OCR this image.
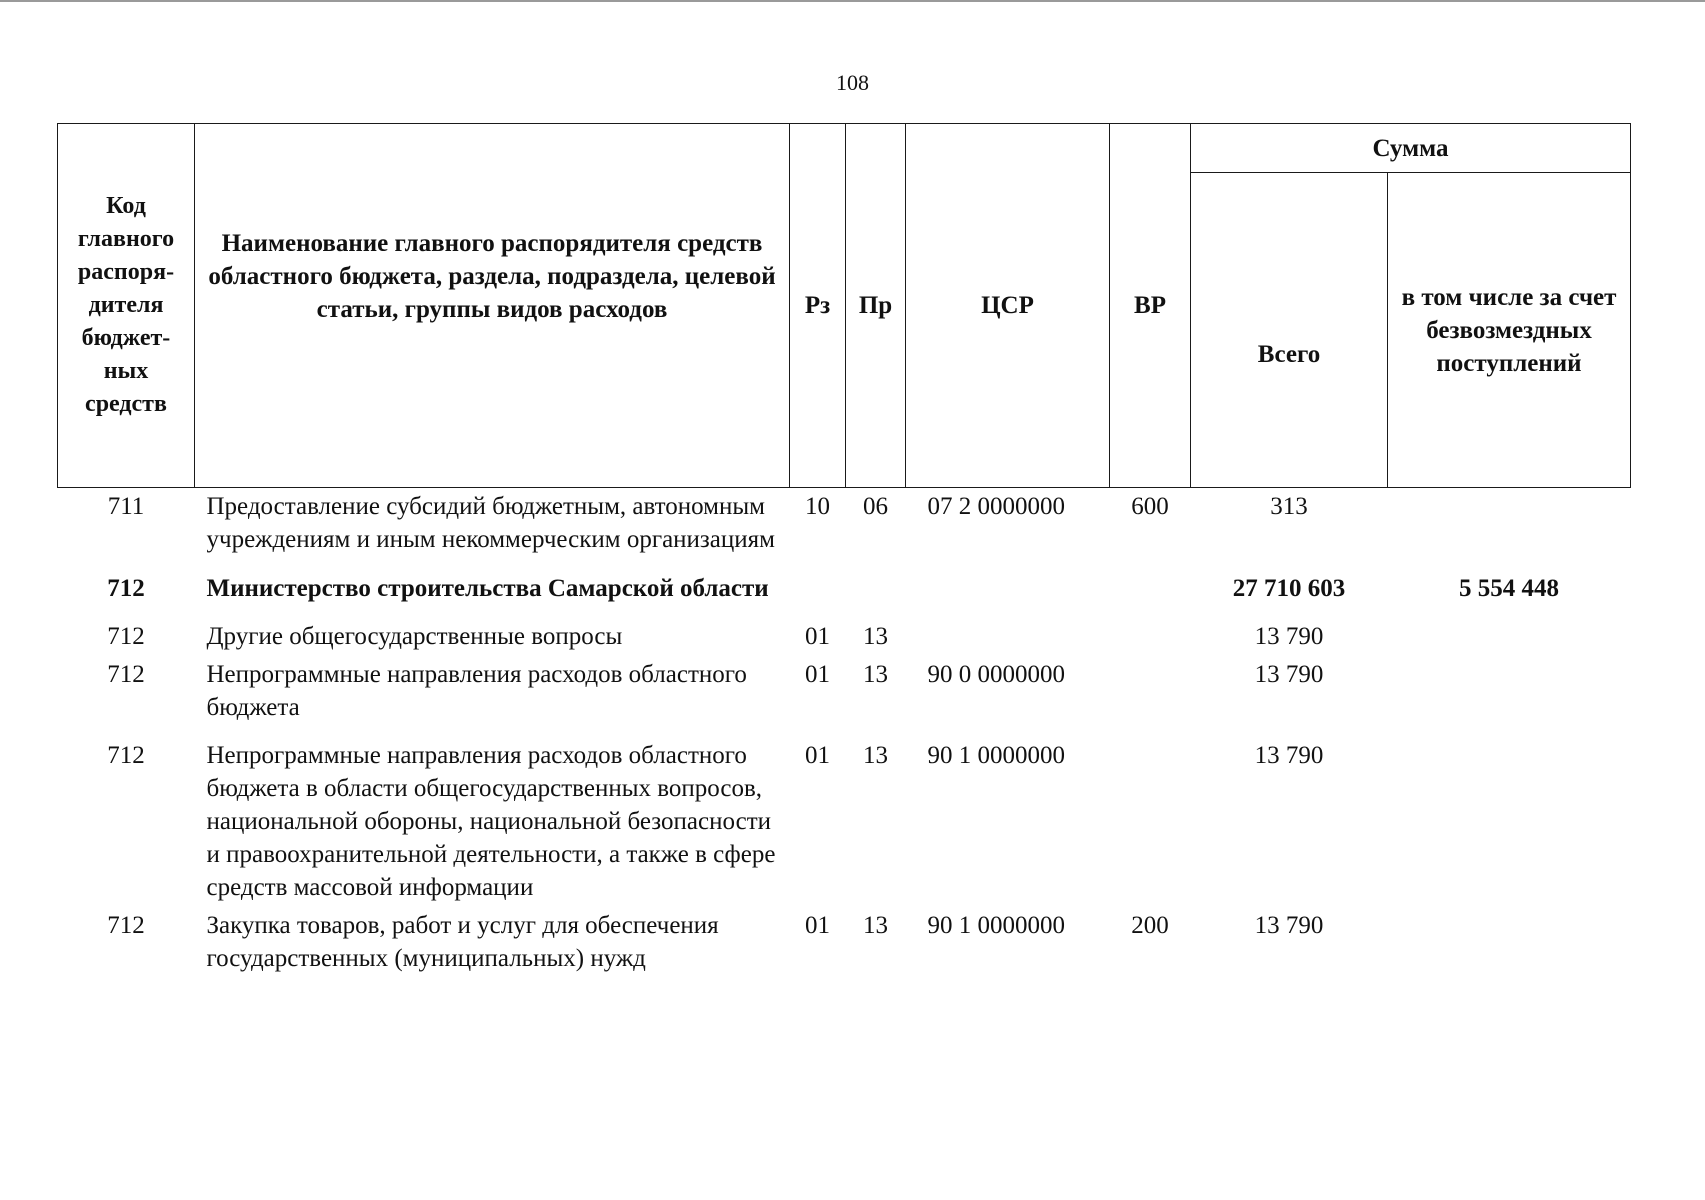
108
Код главного распоря-дителя бюджет-ных средств	Наименование главного распорядителя средств областного бюджета, раздела, подраздела, целевой статьи, группы видов расходов	Рз	Пр	ЦСР	ВР	Сумма	
						Всего	в том числе за счет безвозмездных поступлений
711	Предоставление субсидий бюджетным, автономным учреждениям и иным некоммерческим организациям	10	06	07 2 0000000	600	313	
712	Министерство строительства Самарской области					27 710 603	5 554 448
712	Другие общегосударственные вопросы	01	13			13 790	
712	Непрограммные направления расходов областного бюджета	01	13	90 0 0000000		13 790	
712	Непрограммные направления расходов областного бюджета в области общегосударственных вопросов, национальной обороны, национальной безопасности и правоохранительной деятельности, а также в сфере средств массовой информации	01	13	90 1 0000000		13 790	
712	Закупка товаров, работ и услуг для обеспечения государственных (муниципальных) нужд	01	13	90 1 0000000	200	13 790	
